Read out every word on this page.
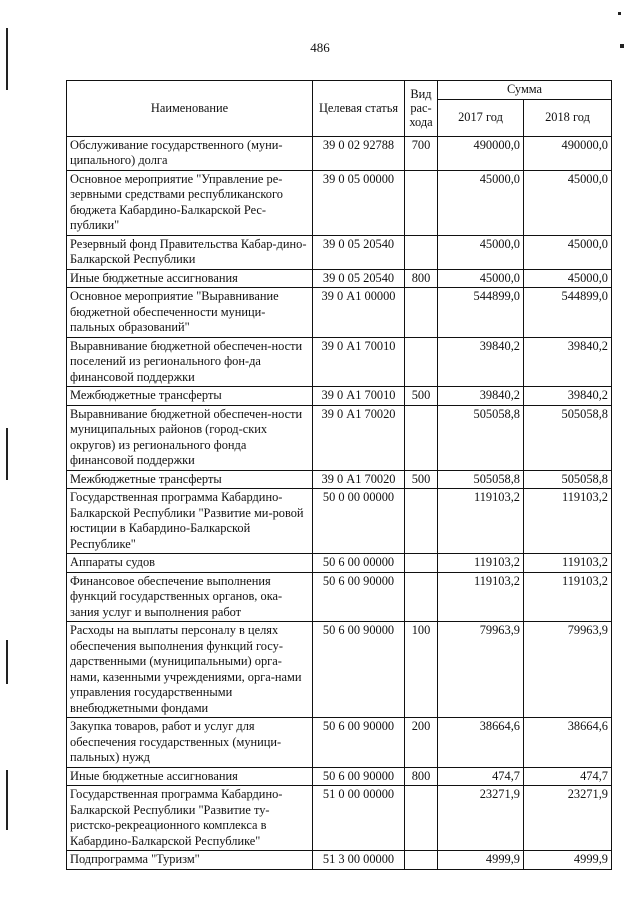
486
Наименование	Целевая статья	Вид рас-хода	Сумма	
			2017 год	2018 год
Обслуживание государственного (муни-ципального) долга	39 0 02 92788	700	490000,0	490000,0
Основное мероприятие "Управление ре-зервными средствами республиканского бюджета Кабардино-Балкарской Рес-публики"	39 0 05 00000		45000,0	45000,0
Резервный фонд Правительства Кабар-дино-Балкарской Республики	39 0 05 20540		45000,0	45000,0
Иные бюджетные ассигнования	39 0 05 20540	800	45000,0	45000,0
Основное мероприятие "Выравнивание бюджетной обеспеченности муници-пальных образований"	39 0 А1 00000		544899,0	544899,0
Выравнивание бюджетной обеспечен-ности поселений из регионального фон-да финансовой поддержки	39 0 А1 70010		39840,2	39840,2
Межбюджетные трансферты	39 0 А1 70010	500	39840,2	39840,2
Выравнивание бюджетной обеспечен-ности муниципальных районов (город-ских округов) из регионального фонда финансовой поддержки	39 0 А1 70020		505058,8	505058,8
Межбюджетные трансферты	39 0 А1 70020	500	505058,8	505058,8
Государственная программа Кабардино-Балкарской Республики "Развитие ми-ровой юстиции в Кабардино-Балкарской Республике"	50 0 00 00000		119103,2	119103,2
Аппараты судов	50 6 00 00000		119103,2	119103,2
Финансовое обеспечение выполнения функций государственных органов, ока-зания услуг и выполнения работ	50 6 00 90000		119103,2	119103,2
Расходы на выплаты персоналу в целях обеспечения выполнения функций госу-дарственными (муниципальными) орга-нами, казенными учреждениями, орга-нами управления государственными внебюджетными фондами	50 6 00 90000	100	79963,9	79963,9
Закупка товаров, работ и услуг для обеспечения государственных (муници-пальных) нужд	50 6 00 90000	200	38664,6	38664,6
Иные бюджетные ассигнования	50 6 00 90000	800	474,7	474,7
Государственная программа Кабардино-Балкарской Республики "Развитие ту-ристско-рекреационного комплекса в Кабардино-Балкарской Республике"	51 0 00 00000		23271,9	23271,9
Подпрограмма "Туризм"	51 3 00 00000		4999,9	4999,9
